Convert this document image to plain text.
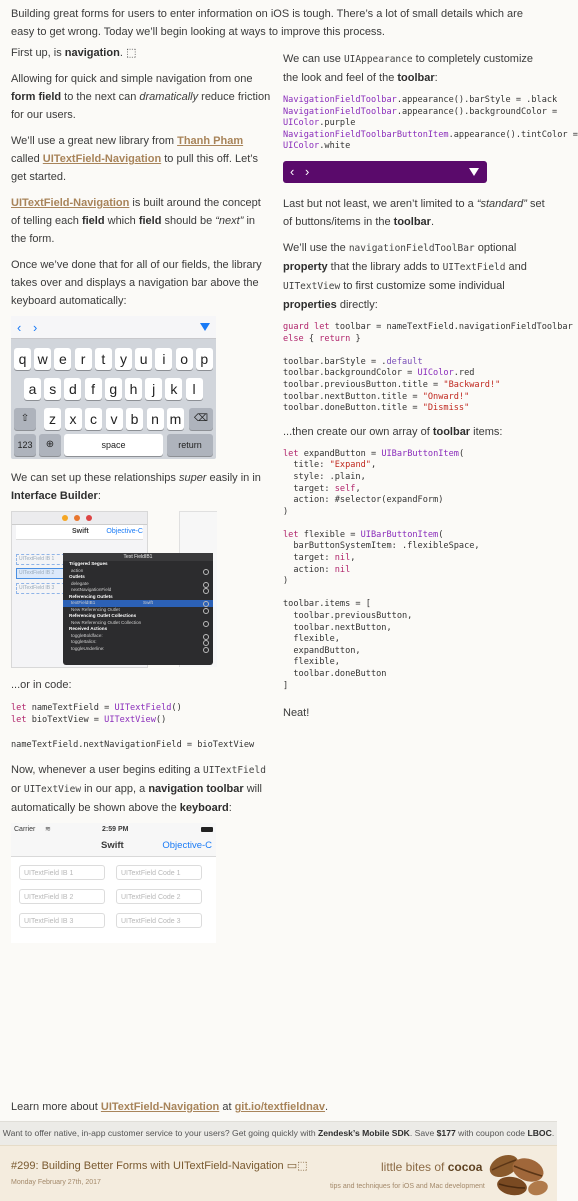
Building great forms for users to enter information on iOS is tough. There’s a lot of small details which are easy to get wrong. Today we’ll begin looking at ways to improve this process.

First up, is navigation. ⬚

Allowing for quick and simple navigation from one form field to the next can dramatically reduce friction for our users.

We’ll use a great new library from Thanh Pham called UITextField-Navigation to pull this off. Let’s get started.

UITextField-Navigation is built around the concept of telling each field which field should be “next” in the form.

Once we’ve done that for all of our fields, the library takes over and displays a navigation bar above the keyboard automatically:

‹ ›
q w e r	t	y u	i	o p
a s d	f	g h	j	k	l
⇧	⌫
z x c v b n m
123	⊕	space	return

We can set up these relationships super easily in in Interface Builder:

Swift	Objective-C
UITextField IB 1
UITextField IB 2
UITextField IB 3
Text FieldIB1
Triggered Segues
action
Outlets
delegate
nextNavigationField
Referencing Outlets
textFieldIB1	Swift
New Referencing Outlet
Referencing Outlet Collections
New Referencing Outlet Collection
Received Actions
toggleBoldface:
toggleItalics:
toggleUnderline:

...or in code:

let nameTextField = UITextField()
let bioTextView = UITextView()
nameTextField.nextNavigationField = bioTextView

Now, whenever a user begins editing a UITextField or UITextView in our app, a navigation toolbar will automatically be shown above the keyboard:

Carrier ≋	2:59 PM
Swift	Objective-C
UITextField IB 1	UITextField Code 1
UITextField IB 2	UITextField Code 2
UITextField IB 3	UITextField Code 3

We can use UIAppearance to completely customize the look and feel of the toolbar:

NavigationFieldToolbar.appearance().barStyle = .black
NavigationFieldToolbar.appearance().backgroundColor =
UIColor.purple
NavigationFieldToolbarButtonItem.appearance().tintColor =
UIColor.white
‹ ›

Last but not least, we aren’t limited to a “standard” set of buttons/items in the toolbar.

We’ll use the navigationFieldToolBar optional property that the library adds to UITextField and UITextView to first customize some individual properties directly:

guard let toolbar = nameTextField.navigationFieldToolbar
else { return }

toolbar.barStyle = .default
toolbar.backgroundColor = UIColor.red
toolbar.previousButton.title = "Backward!"
toolbar.nextButton.title = "Onward!"
toolbar.doneButton.title = "Dismiss"

...then create our own array of toolbar items:

let expandButton = UIBarButtonItem(
title: "Expand",
style: .plain,
target: self,
action: #selector(expandForm)
)

let flexible = UIBarButtonItem(
barButtonSystemItem: .flexibleSpace,
target: nil,
action: nil
)

toolbar.items = [
toolbar.previousButton,
toolbar.nextButton,
flexible,
expandButton,
flexible,
toolbar.doneButton
]

Neat!

Learn more about UITextField-Navigation at git.io/textfieldnav.

Want to offer native, in-app customer service to your users? Get going quickly with Zendesk’s Mobile SDK. Save $177 with coupon code LBOC.
#299: Building Better Forms with UITextField-Navigation ▭⬚
Monday February 27th, 2017
little bites of cocoa
tips and techniques for iOS and Mac development
